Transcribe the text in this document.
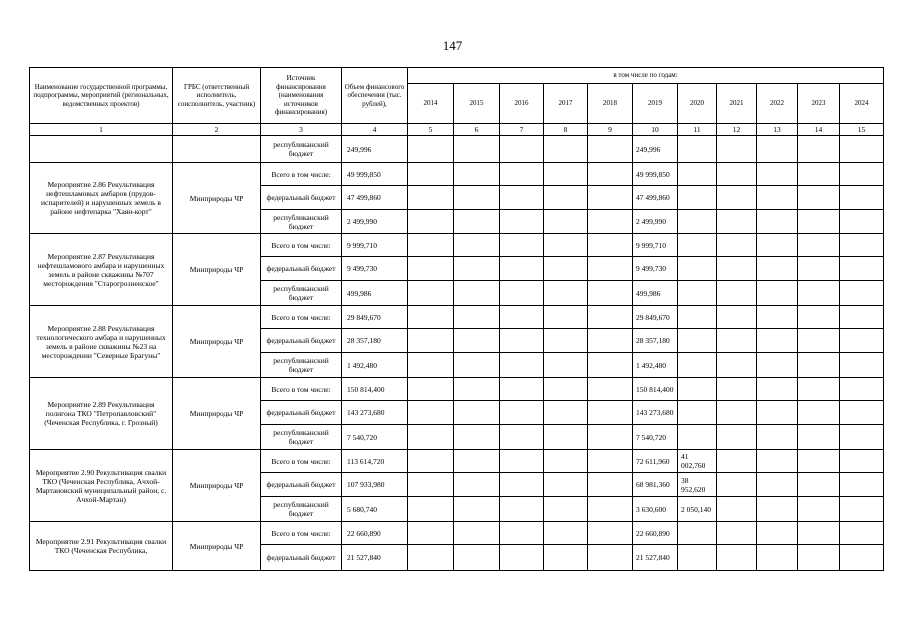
147
Наименование государственной программы, подпрограммы, мероприятий (региональных, ведомственных проектов)	ГРБС (ответственный исполнитель, соисполнитель, участник)	Источник финансирования (наименования источников финансирования)	Объем финансового обеспечения (тыс. рублей),	в том числе по годам:										
				2014	2015	2016	2017	2018	2019	2020	2021	2022	2023	2024
1	2	3	4	5	6	7	8	9	10	11	12	13	14	15
		республиканский бюджет	249,996						249,996					
Мероприятие 2.86 Рекультивация нефтешламовых амбаров (прудов-испарителей) и нарушенных земель в районе нефтепарка "Хаян-корт"	Минприроды ЧР	Всего в том числе:	49 999,850						49 999,850					
		федеральный бюджет	47 499,860						47 499,860					
		республиканский бюджет	2 499,990						2 499,990					
Мероприятие 2.87 Рекультивация нефтешламового амбара и нарушенных земель в районе скважины №707 месторождения "Старогрозненское"	Минприроды ЧР	Всего в том числе:	9 999,710						9 999,710					
		федеральный бюджет	9 499,730						9 499,730					
		республиканский бюджет	499,986						499,986					
Мероприятие 2.88 Рекультивация технологического амбара и нарушенных земель в районе скважины №23 на месторождении "Северные Брагуны"	Минприроды ЧР	Всего в том числе:	29 849,670						29 849,670					
		федеральный бюджет	28 357,180						28 357,180					
		республиканский бюджет	1 492,480						1 492,480					
Мероприятие 2.89 Рекультивация полигона ТКО "Петропавловский" (Чеченская Республика, г. Грозный)	Минприроды ЧР	Всего в том числе:	150 814,400						150 814,400					
		федеральный бюджет	143 273,680						143 273,680					
		республиканский бюджет	7 540,720						7 540,720					
Мероприятие 2.90 Рекультивация свалки ТКО (Чеченская Республика, Ачхой-Мартановский муниципальный район, с. Ачхой-Мартан)	Минприроды ЧР	Всего в том числе:	113 614,720						72 611,960	41 002,760				
		федеральный бюджет	107 933,980						68 981,360	38 952,620				
		республиканский бюджет	5 680,740						3 630,600	2 050,140				
Мероприятие 2.91 Рекультивация свалки ТКО (Чеченская Республика,	Минприроды ЧР	Всего в том числе:	22 660,890						22 660,890					
		федеральный бюджет	21 527,840						21 527,840					
